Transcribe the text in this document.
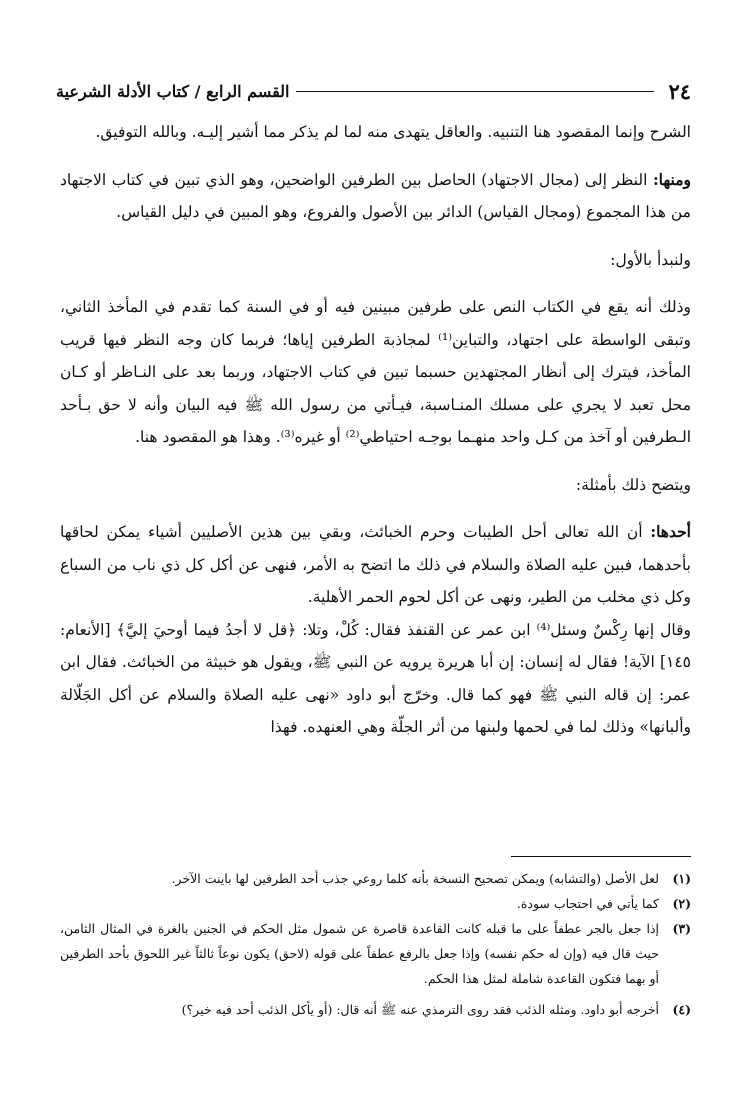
٢٤
القسم الرابع / كتاب الأدلة الشرعية

الشرح وإنما المقصود هنا التنبيه. والعاقل يتهدى منه لما لم يذكر مما أشير إليـه. وبالله التوفيق.

ومنها: النظر إلى (مجال الاجتهاد) الحاصل بين الطرفين الواضحين، وهو الذي تبين في كتاب الاجتهاد من هذا المجموع (ومجال القياس) الدائر بين الأصول والفروع، وهو المبين في دليل القياس.

ولنبدأ بالأول:

وذلك أنه يقع في الكتاب النص على طرفين مبينين فيه أو في السنة كما تقدم في المأخذ الثاني، وتبقى الواسطة على اجتهاد، والتباين⁽¹⁾ لمجاذبة الطرفين إياها؛ فربما كان وجه النظر فيها قريب المأخذ، فيترك إلى أنظار المجتهدين حسبما تبين في كتاب الاجتهاد، وربما بعد على النـاظر أو كـان محل تعبد لا يجري على مسلك المنـاسبة، فيـأتي من رسول الله ﷺ فيه البيان وأنه لا حق بـأحد الـطرفين أو آخذ من كـل واحد منهـما بوجـه احتياطي⁽²⁾ أو غيره⁽³⁾. وهذا هو المقصود هنا.

ويتضح ذلك بأمثلة:

أحدها: أن الله تعالى أحل الطيبات وحرم الخبائث، وبقي بين هذين الأصليين أشياء يمكن لحاقها بأحدهما، فبين عليه الصلاة والسلام في ذلك ما اتضح به الأمر، فنهى عن أكل كل ذي ناب من السباع وكل ذي مخلب من الطير، ونهى عن أكل لحوم الحمر الأهلية.

وقال إنها رِكْسٌ وسئل⁽⁴⁾ ابن عمر عن القنفذ فقال: كُلْ، وتلا: ﴿قل لا أجدُ فيما أوحيَ إليَّ﴾ [الأنعام: ١٤٥] الآية! فقال له إنسان: إن أبا هريرة يرويه عن النبي ﷺ، ويقول هو خبيثة من الخبائث. فقال ابن عمر: إن قاله النبي ﷺ فهو كما قال. وخرّج أبو داود «نهى عليه الصلاة والسلام عن أكل الجَلّالة وألبانها» وذلك لما في لحمها ولبنها من أثر الجلّة وهي العنهده. فهذا

(١)
لعل الأصل (والتشابه) ويمكن تصحيح النسخة بأنه كلما روعي جذب أحد الطرفين لها باينت الآخر.
(٢)
كما يأتي في احتجاب سودة.
(٣)
إذا جعل بالجر عطفاً على ما قبله كانت القاعدة قاصرة عن شمول مثل الحكم في الجنين بالغرة في المثال الثامن، حيث قال فيه (وإن له حكم نفسه) وإذا جعل بالرفع عطفاً على قوله (لاحق) يكون نوعاً ثالثاً غير اللحوق بأحد الطرفين أو بهما فتكون القاعدة شاملة لمثل هذا الحكم.
(٤)
أخرجه أبو داود. ومثله الذئب فقد روى الترمذي عنه ﷺ أنه قال: (أو يأكل الذئب أحد فيه خير؟)
